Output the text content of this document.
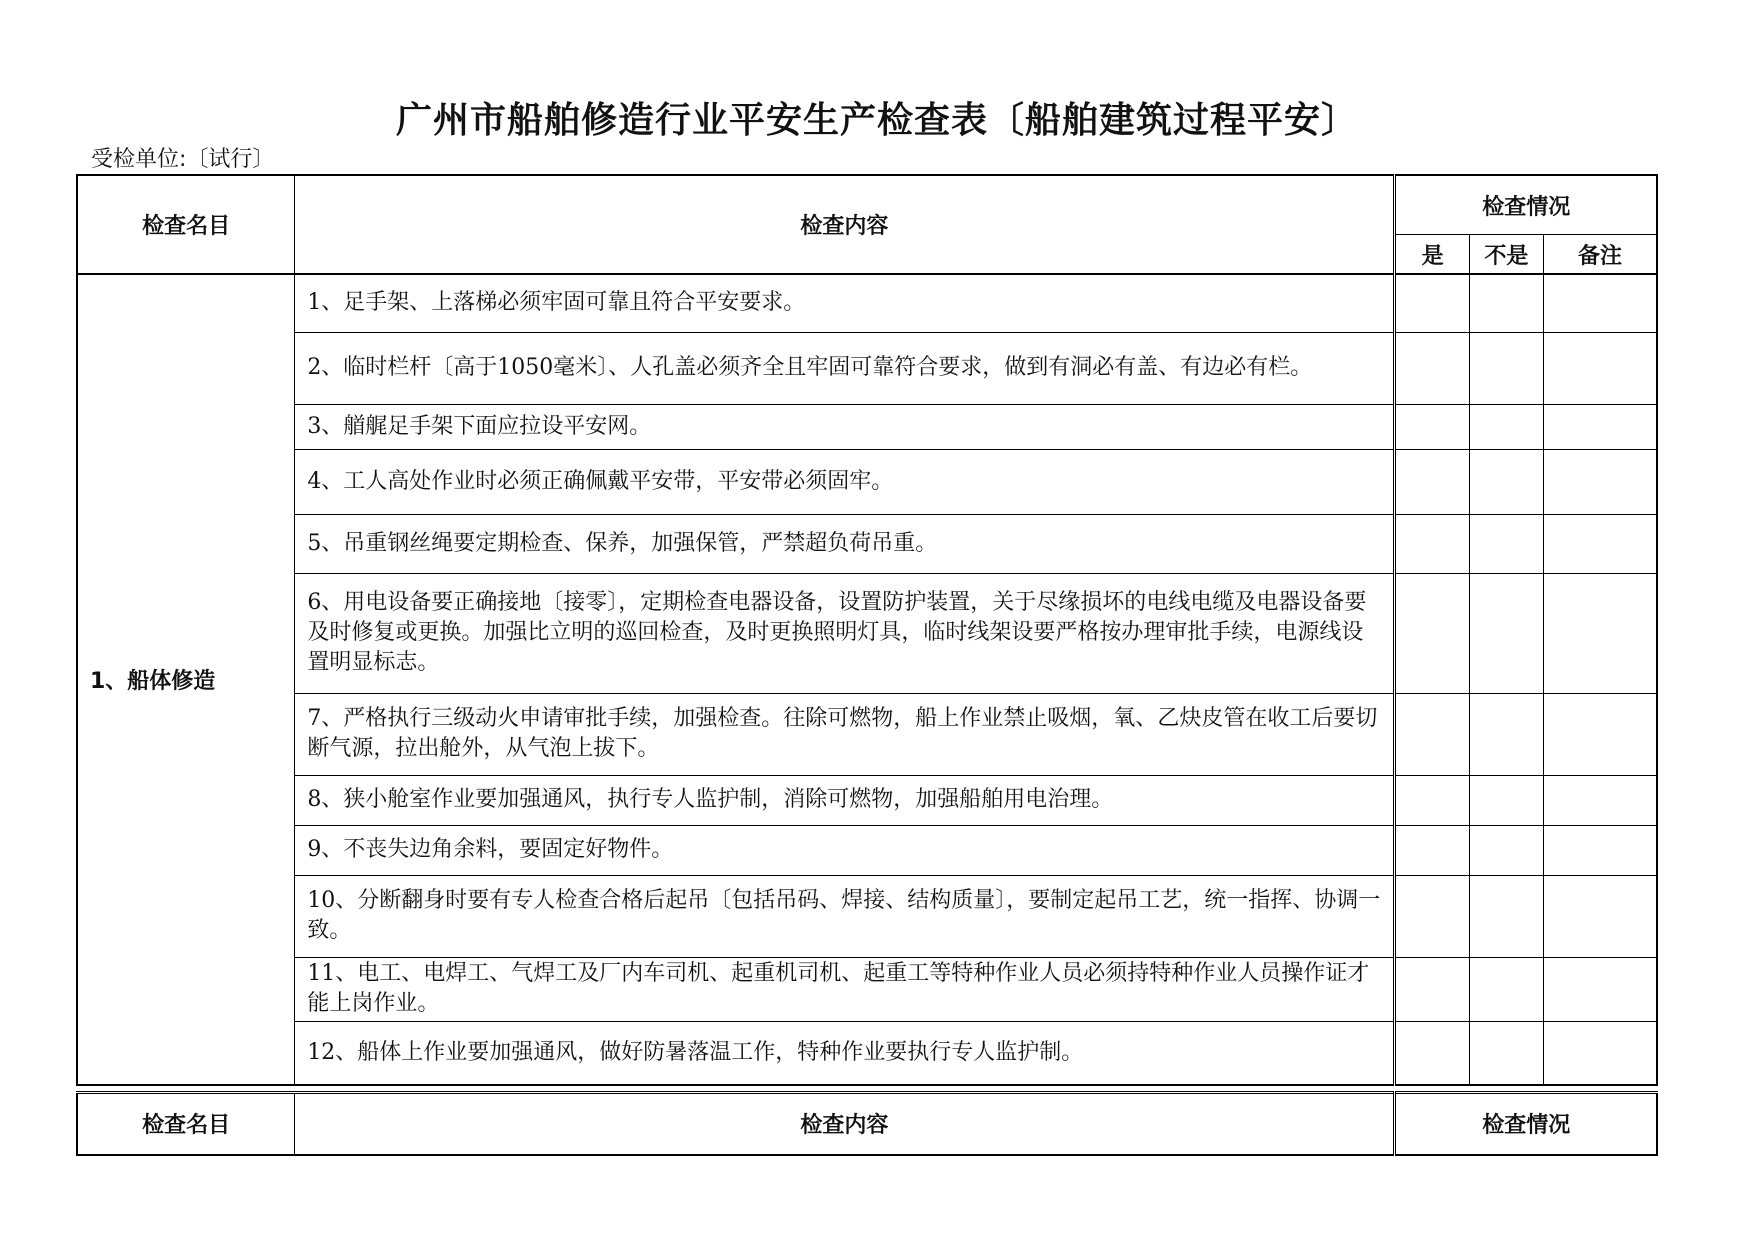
广州市船舶修造行业平安生产检查表〔船舶建筑过程平安〕
受检单位:〔试行〕
检查名目	检查内容	检查情况		
		是	不是	备注
1、船体修造	1、足手架、上落梯必须牢固可靠且符合平安要求。			
	2、临时栏杆〔高于1050毫米〕、人孔盖必须齐全且牢固可靠符合要求，做到有洞必有盖、有边必有栏。			
	3、艏艉足手架下面应拉设平安网。			
	4、工人高处作业时必须正确佩戴平安带，平安带必须固牢。			
	5、吊重钢丝绳要定期检查、保养，加强保管，严禁超负荷吊重。			
	6、用电设备要正确接地〔接零〕，定期检查电器设备，设置防护装置，关于尽缘损坏的电线电缆及电器设备要及时修复或更换。加强比立明的巡回检查，及时更换照明灯具，临时线架设要严格按办理审批手续，电源线设置明显标志。			
	7、严格执行三级动火申请审批手续，加强检查。往除可燃物，船上作业禁止吸烟，氧、乙炔皮管在收工后要切断气源，拉出舱外，从气泡上拔下。			
	8、狭小舱室作业要加强通风，执行专人监护制，消除可燃物，加强船舶用电治理。			
	9、不丧失边角余料，要固定好物件。			
	10、分断翻身时要有专人检查合格后起吊〔包括吊码、焊接、结构质量〕，要制定起吊工艺，统一指挥、协调一致。			
	11、电工、电焊工、气焊工及厂内车司机、起重机司机、起重工等特种作业人员必须持特种作业人员操作证才能上岗作业。			
	12、船体上作业要加强通风，做好防暑落温工作，特种作业要执行专人监护制。			
检查名目	检查内容	检查情况
